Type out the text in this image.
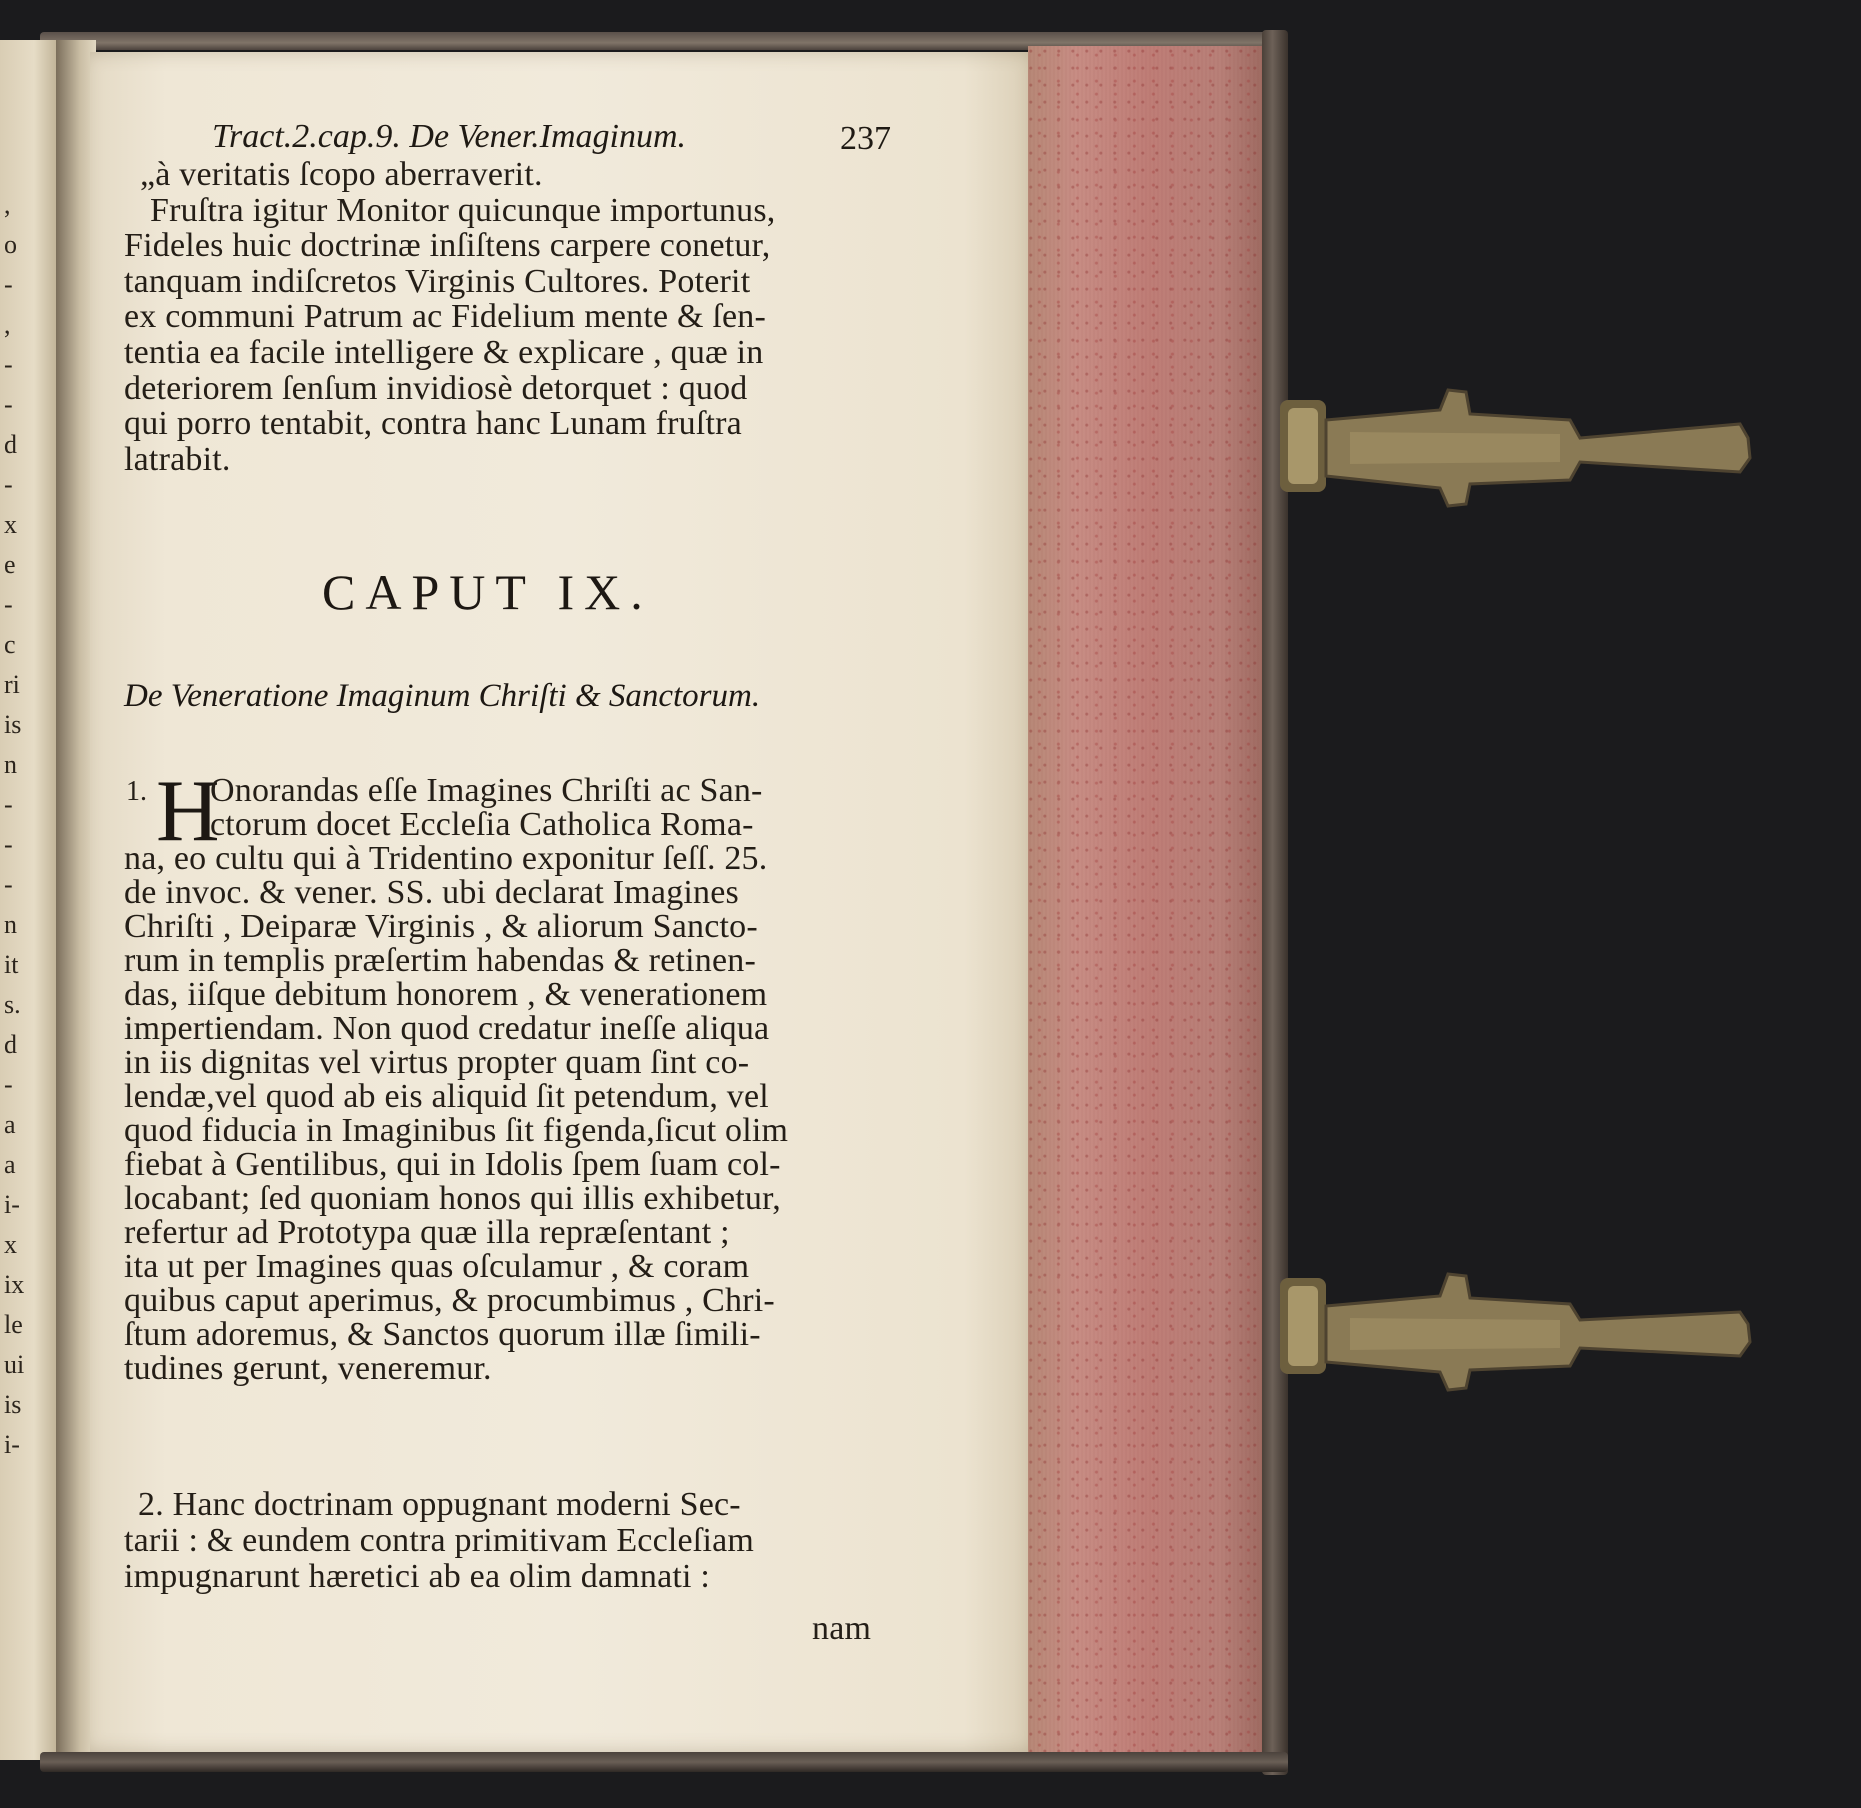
,
o
-
,
-
-
d
-
x
e
-
c
ri
is
n
-
-
-
n
it
s.
d
-
a
a
i-
x
ix
le
ui
is
i-
Tract.2.cap.9. De Vener.Imaginum.	237
„à veritatis ſcopo aberraverit.
Fruſtra igitur Monitor quicunque importunus,
Fideles huic doctrinæ inſiſtens carpere conetur,
tanquam indiſcretos Virginis Cultores. Poterit
ex communi Patrum ac Fidelium mente & ſen-
tentia ea facile intelligere & explicare , quæ in
deteriorem ſenſum invidiosè detorquet : quod
qui porro tentabit, contra hanc Lunam fruſtra
latrabit.
CAPUT IX.
De Veneratione Imaginum Chriſti & Sanctorum.
1. H
Onorandas eſſe Imagines Chriſti ac San-
ctorum docet Eccleſia Catholica Roma-
na, eo cultu qui à Tridentino exponitur ſeſſ. 25.
de invoc. & vener. SS. ubi declarat Imagines
Chriſti , Deiparæ Virginis , & aliorum Sancto-
rum in templis præſertim habendas & retinen-
das, iiſque debitum honorem , & venerationem
impertiendam. Non quod credatur ineſſe aliqua
in iis dignitas vel virtus propter quam ſint co-
lendæ,vel quod ab eis aliquid ſit petendum, vel
quod fiducia in Imaginibus ſit figenda,ſicut olim
fiebat à Gentilibus, qui in Idolis ſpem ſuam col-
locabant; ſed quoniam honos qui illis exhibetur,
refertur ad Prototypa quæ illa repræſentant ;
ita ut per Imagines quas oſculamur , & coram
quibus caput aperimus, & procumbimus , Chri-
ſtum adoremus, & Sanctos quorum illæ ſimili-
tudines gerunt, veneremur.
2. Hanc doctrinam oppugnant moderni Sec-
tarii : & eundem contra primitivam Eccleſiam
impugnarunt hæretici ab ea olim damnati :
nam
